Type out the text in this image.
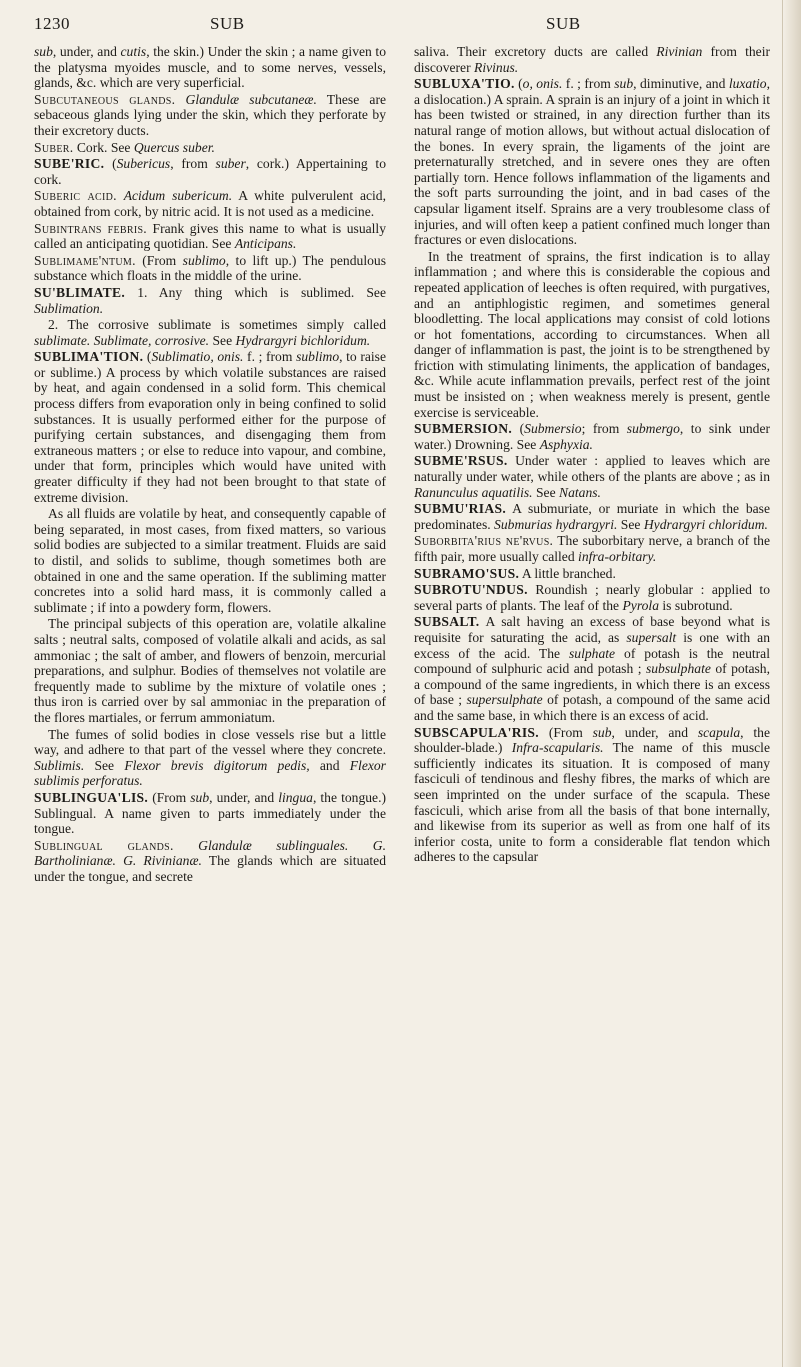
1230	SUB	SUB

sub, under, and cutis, the skin.) Under the skin ; a name given to the platysma myoides muscle, and to some nerves, vessels, glands, &c. which are very superficial.

Subcutaneous glands. Glandulæ subcutaneæ. These are sebaceous glands lying under the skin, which they perforate by their excretory ducts.

Suber. Cork. See Quercus suber.

SUBE'RIC. (Subericus, from suber, cork.) Appertaining to cork.

Suberic acid. Acidum subericum. A white pulverulent acid, obtained from cork, by nitric acid. It is not used as a medicine.

Subintrans febris. Frank gives this name to what is usually called an anticipating quotidian. See Anticipans.

Sublimame'ntum. (From sublimo, to lift up.) The pendulous substance which floats in the middle of the urine.

SU'BLIMATE. 1. Any thing which is sublimed. See Sublimation.

2. The corrosive sublimate is sometimes simply called sublimate. Sublimate, corrosive. See Hydrargyri bichloridum.

SUBLIMA'TION. (Sublimatio, onis. f. ; from sublimo, to raise or sublime.) A process by which volatile substances are raised by heat, and again condensed in a solid form. This chemical process differs from evaporation only in being confined to solid substances. It is usually performed either for the purpose of purifying certain substances, and disengaging them from extraneous matters ; or else to reduce into vapour, and combine, under that form, principles which would have united with greater difficulty if they had not been brought to that state of extreme division.

As all fluids are volatile by heat, and consequently capable of being separated, in most cases, from fixed matters, so various solid bodies are subjected to a similar treatment. Fluids are said to distil, and solids to sublime, though sometimes both are obtained in one and the same operation. If the subliming matter concretes into a solid hard mass, it is commonly called a sublimate ; if into a powdery form, flowers.

The principal subjects of this operation are, volatile alkaline salts ; neutral salts, composed of volatile alkali and acids, as sal ammoniac ; the salt of amber, and flowers of benzoin, mercurial preparations, and sulphur. Bodies of themselves not volatile are frequently made to sublime by the mixture of volatile ones ; thus iron is carried over by sal ammoniac in the preparation of the flores martiales, or ferrum ammoniatum.

The fumes of solid bodies in close vessels rise but a little way, and adhere to that part of the vessel where they concrete. Sublimis. See Flexor brevis digitorum pedis, and Flexor sublimis perforatus.

SUBLINGUA'LIS. (From sub, under, and lingua, the tongue.) Sublingual. A name given to parts immediately under the tongue.

Sublingual glands. Glandulæ sublinguales. G. Bartholinianæ. G. Rivinianæ. The glands which are situated under the tongue, and secrete

saliva. Their excretory ducts are called Rivinian from their discoverer Rivinus.

SUBLUXA'TIO. (o, onis. f. ; from sub, diminutive, and luxatio, a dislocation.) A sprain. A sprain is an injury of a joint in which it has been twisted or strained, in any direction further than its natural range of motion allows, but without actual dislocation of the bones. In every sprain, the ligaments of the joint are preternaturally stretched, and in severe ones they are often partially torn. Hence follows inflammation of the ligaments and the soft parts surrounding the joint, and in bad cases of the capsular ligament itself. Sprains are a very troublesome class of injuries, and will often keep a patient confined much longer than fractures or even dislocations.

In the treatment of sprains, the first indication is to allay inflammation ; and where this is considerable the copious and repeated application of leeches is often required, with purgatives, and an antiphlogistic regimen, and sometimes general bloodletting. The local applications may consist of cold lotions or hot fomentations, according to circumstances. When all danger of inflammation is past, the joint is to be strengthened by friction with stimulating liniments, the application of bandages, &c. While acute inflammation prevails, perfect rest of the joint must be insisted on ; when weakness merely is present, gentle exercise is serviceable.

SUBMERSION. (Submersio; from submergo, to sink under water.) Drowning. See Asphyxia.

SUBME'RSUS. Under water : applied to leaves which are naturally under water, while others of the plants are above ; as in Ranunculus aquatilis. See Natans.

SUBMU'RIAS. A submuriate, or muriate in which the base predominates. Submurias hydrargyri. See Hydrargyri chloridum.

Suborbita'rius ne'rvus. The suborbitary nerve, a branch of the fifth pair, more usually called infra-orbitary.

SUBRAMO'SUS. A little branched.

SUBROTU'NDUS. Roundish ; nearly globular : applied to several parts of plants. The leaf of the Pyrola is subrotund.

SUBSALT. A salt having an excess of base beyond what is requisite for saturating the acid, as supersalt is one with an excess of the acid. The sulphate of potash is the neutral compound of sulphuric acid and potash ; subsulphate of potash, a compound of the same ingredients, in which there is an excess of base ; supersulphate of potash, a compound of the same acid and the same base, in which there is an excess of acid.

SUBSCAPULA'RIS. (From sub, under, and scapula, the shoulder-blade.) Infra-scapularis. The name of this muscle sufficiently indicates its situation. It is composed of many fasciculi of tendinous and fleshy fibres, the marks of which are seen imprinted on the under surface of the scapula. These fasciculi, which arise from all the basis of that bone internally, and likewise from its superior as well as from one half of its inferior costa, unite to form a considerable flat tendon which adheres to the capsular
